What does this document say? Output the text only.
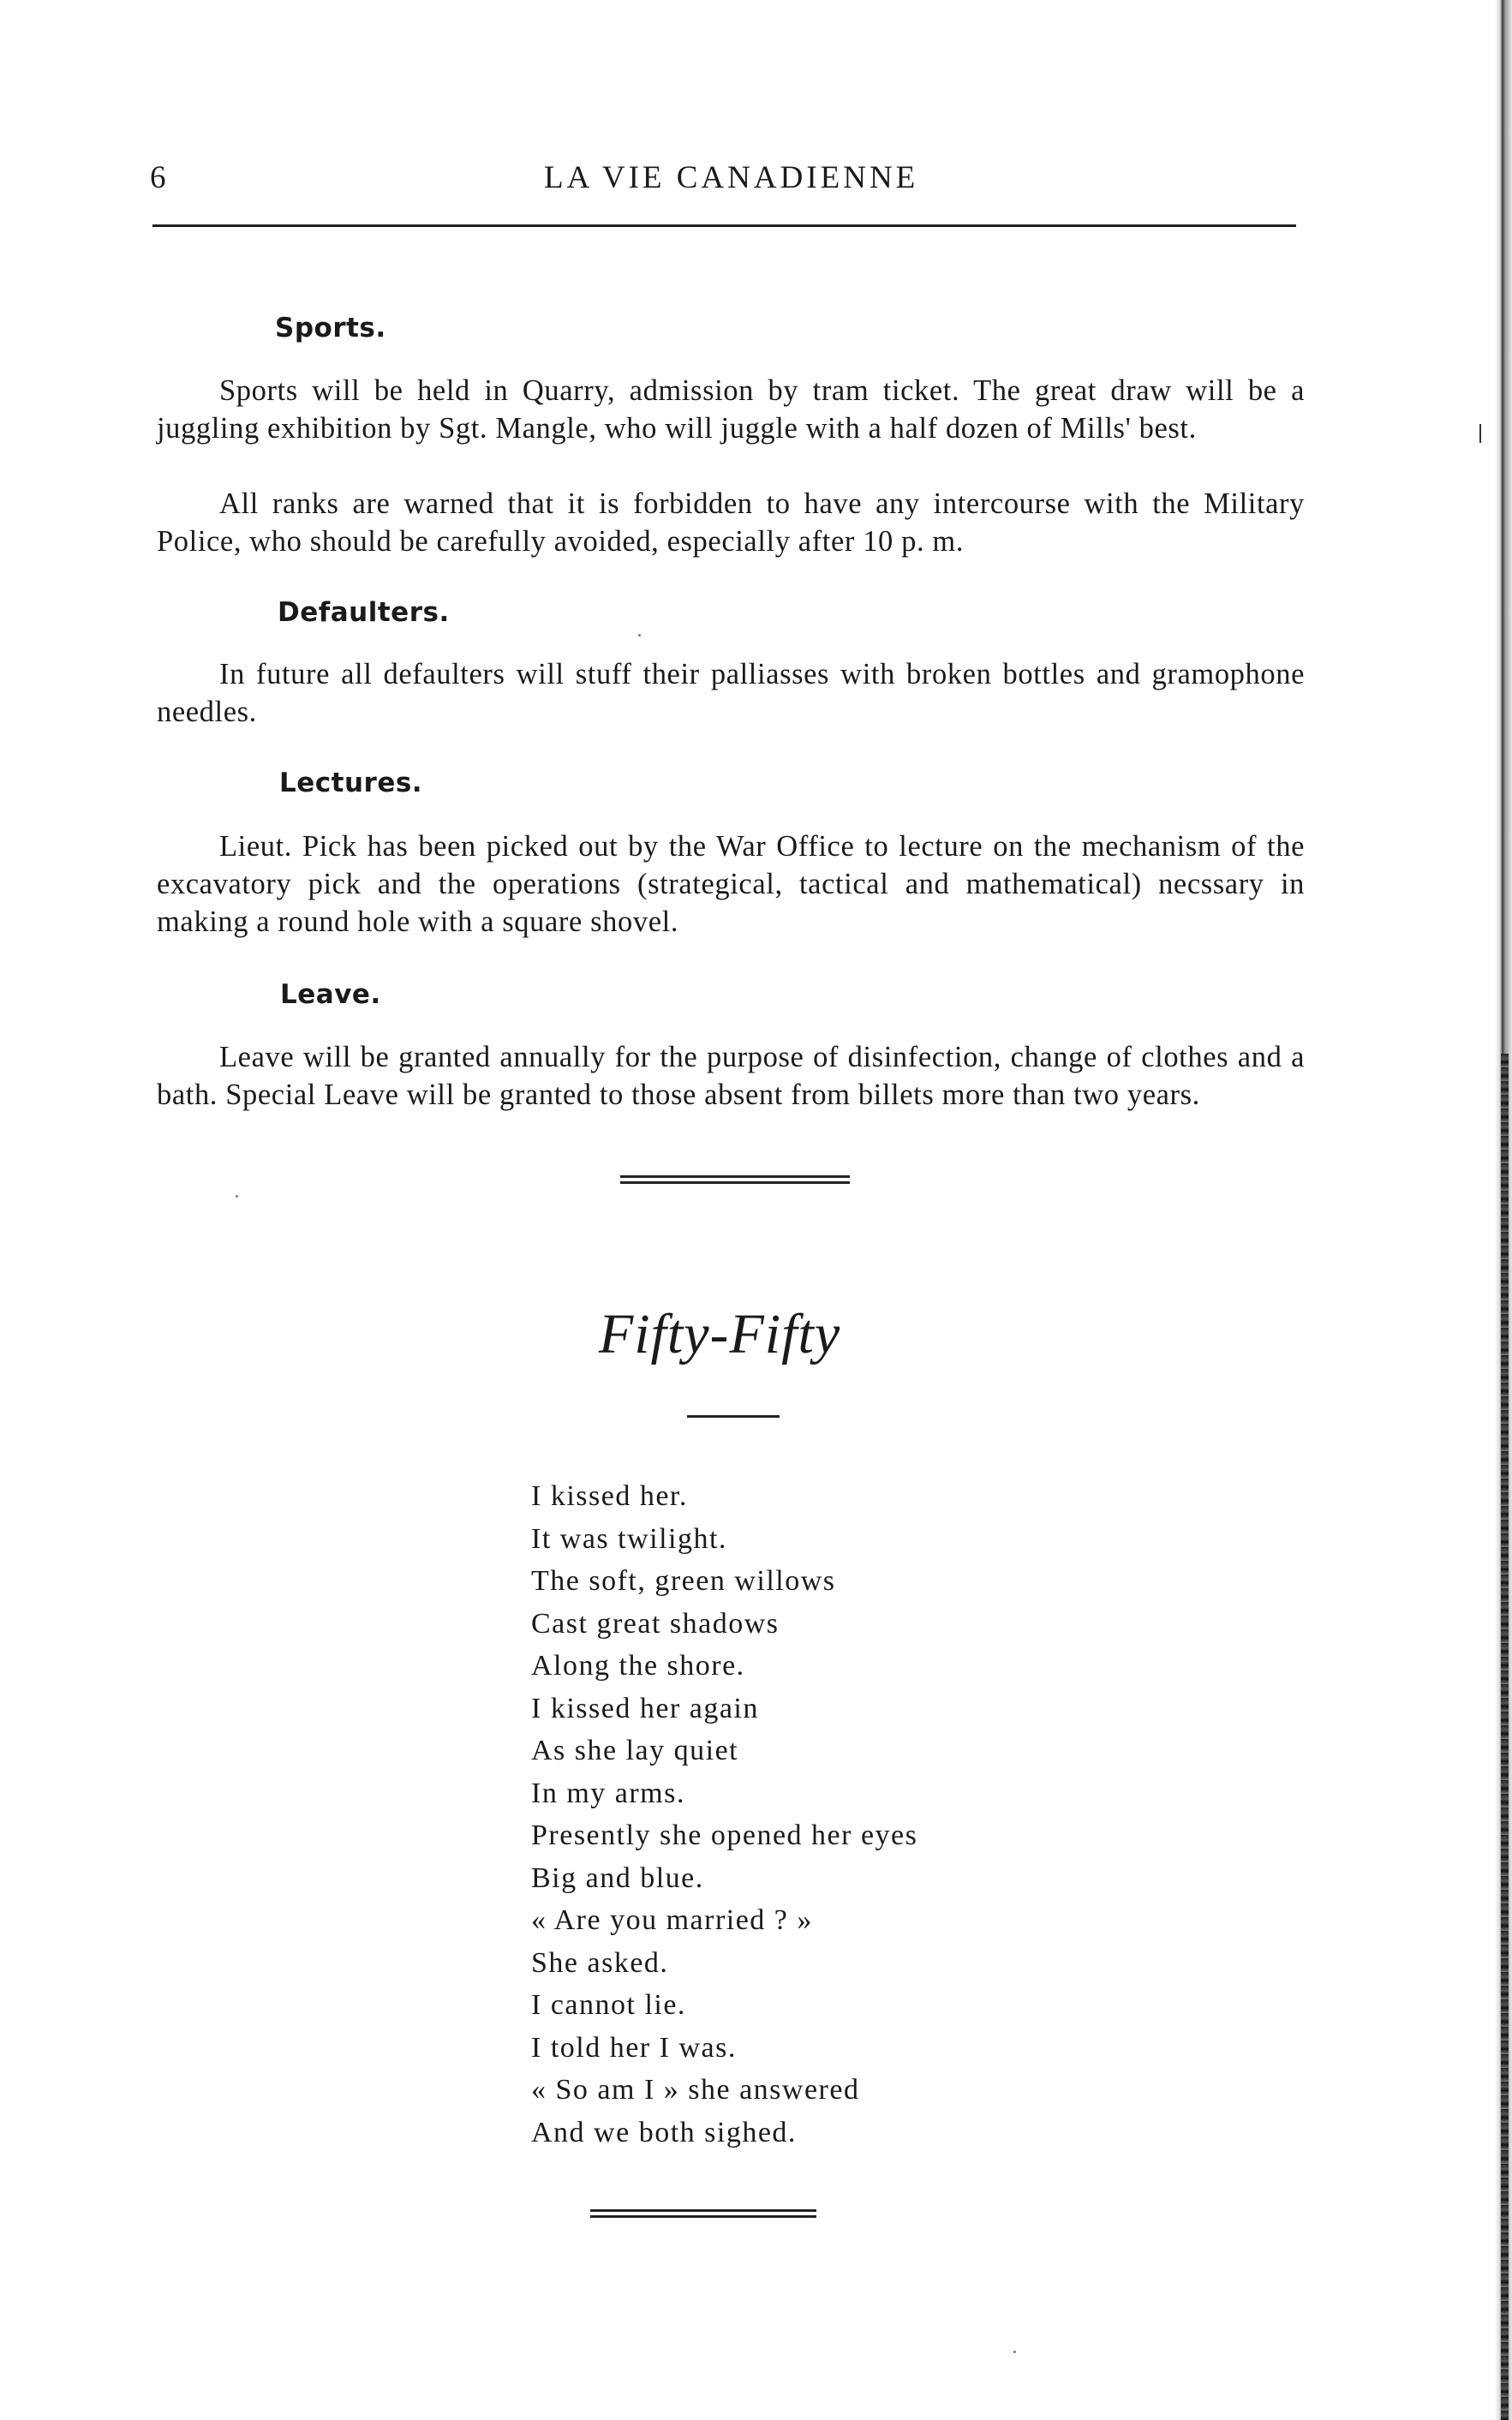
6	LA VIE CANADIENNE
Sports.
Sports will be held in Quarry, admission by tram ticket. The great draw will be a juggling exhibition by Sgt. Mangle, who will juggle with a half dozen of Mills' best.
All ranks are warned that it is forbidden to have any intercourse with the Military Police, who should be carefully avoided, especially after 10 p. m.
Defaulters.
In future all defaulters will stuff their palliasses with broken bottles and gramophone needles.
Lectures.
Lieut. Pick has been picked out by the War Office to lecture on the mechanism of the excavatory pick and the operations (strategical, tactical and mathematical) necssary in making a round hole with a square shovel.
Leave.
Leave will be granted annually for the purpose of disinfection, change of clothes and a bath. Special Leave will be granted to those absent from billets more than two years.
Fifty-Fifty
I kissed her.
It was twilight.
The soft, green willows
Cast great shadows
Along the shore.
I kissed her again
As she lay quiet
In my arms.
Presently she opened her eyes
Big and blue.
« Are you married ? »
She asked.
I cannot lie.
I told her I was.
« So am I » she answered
And we both sighed.
